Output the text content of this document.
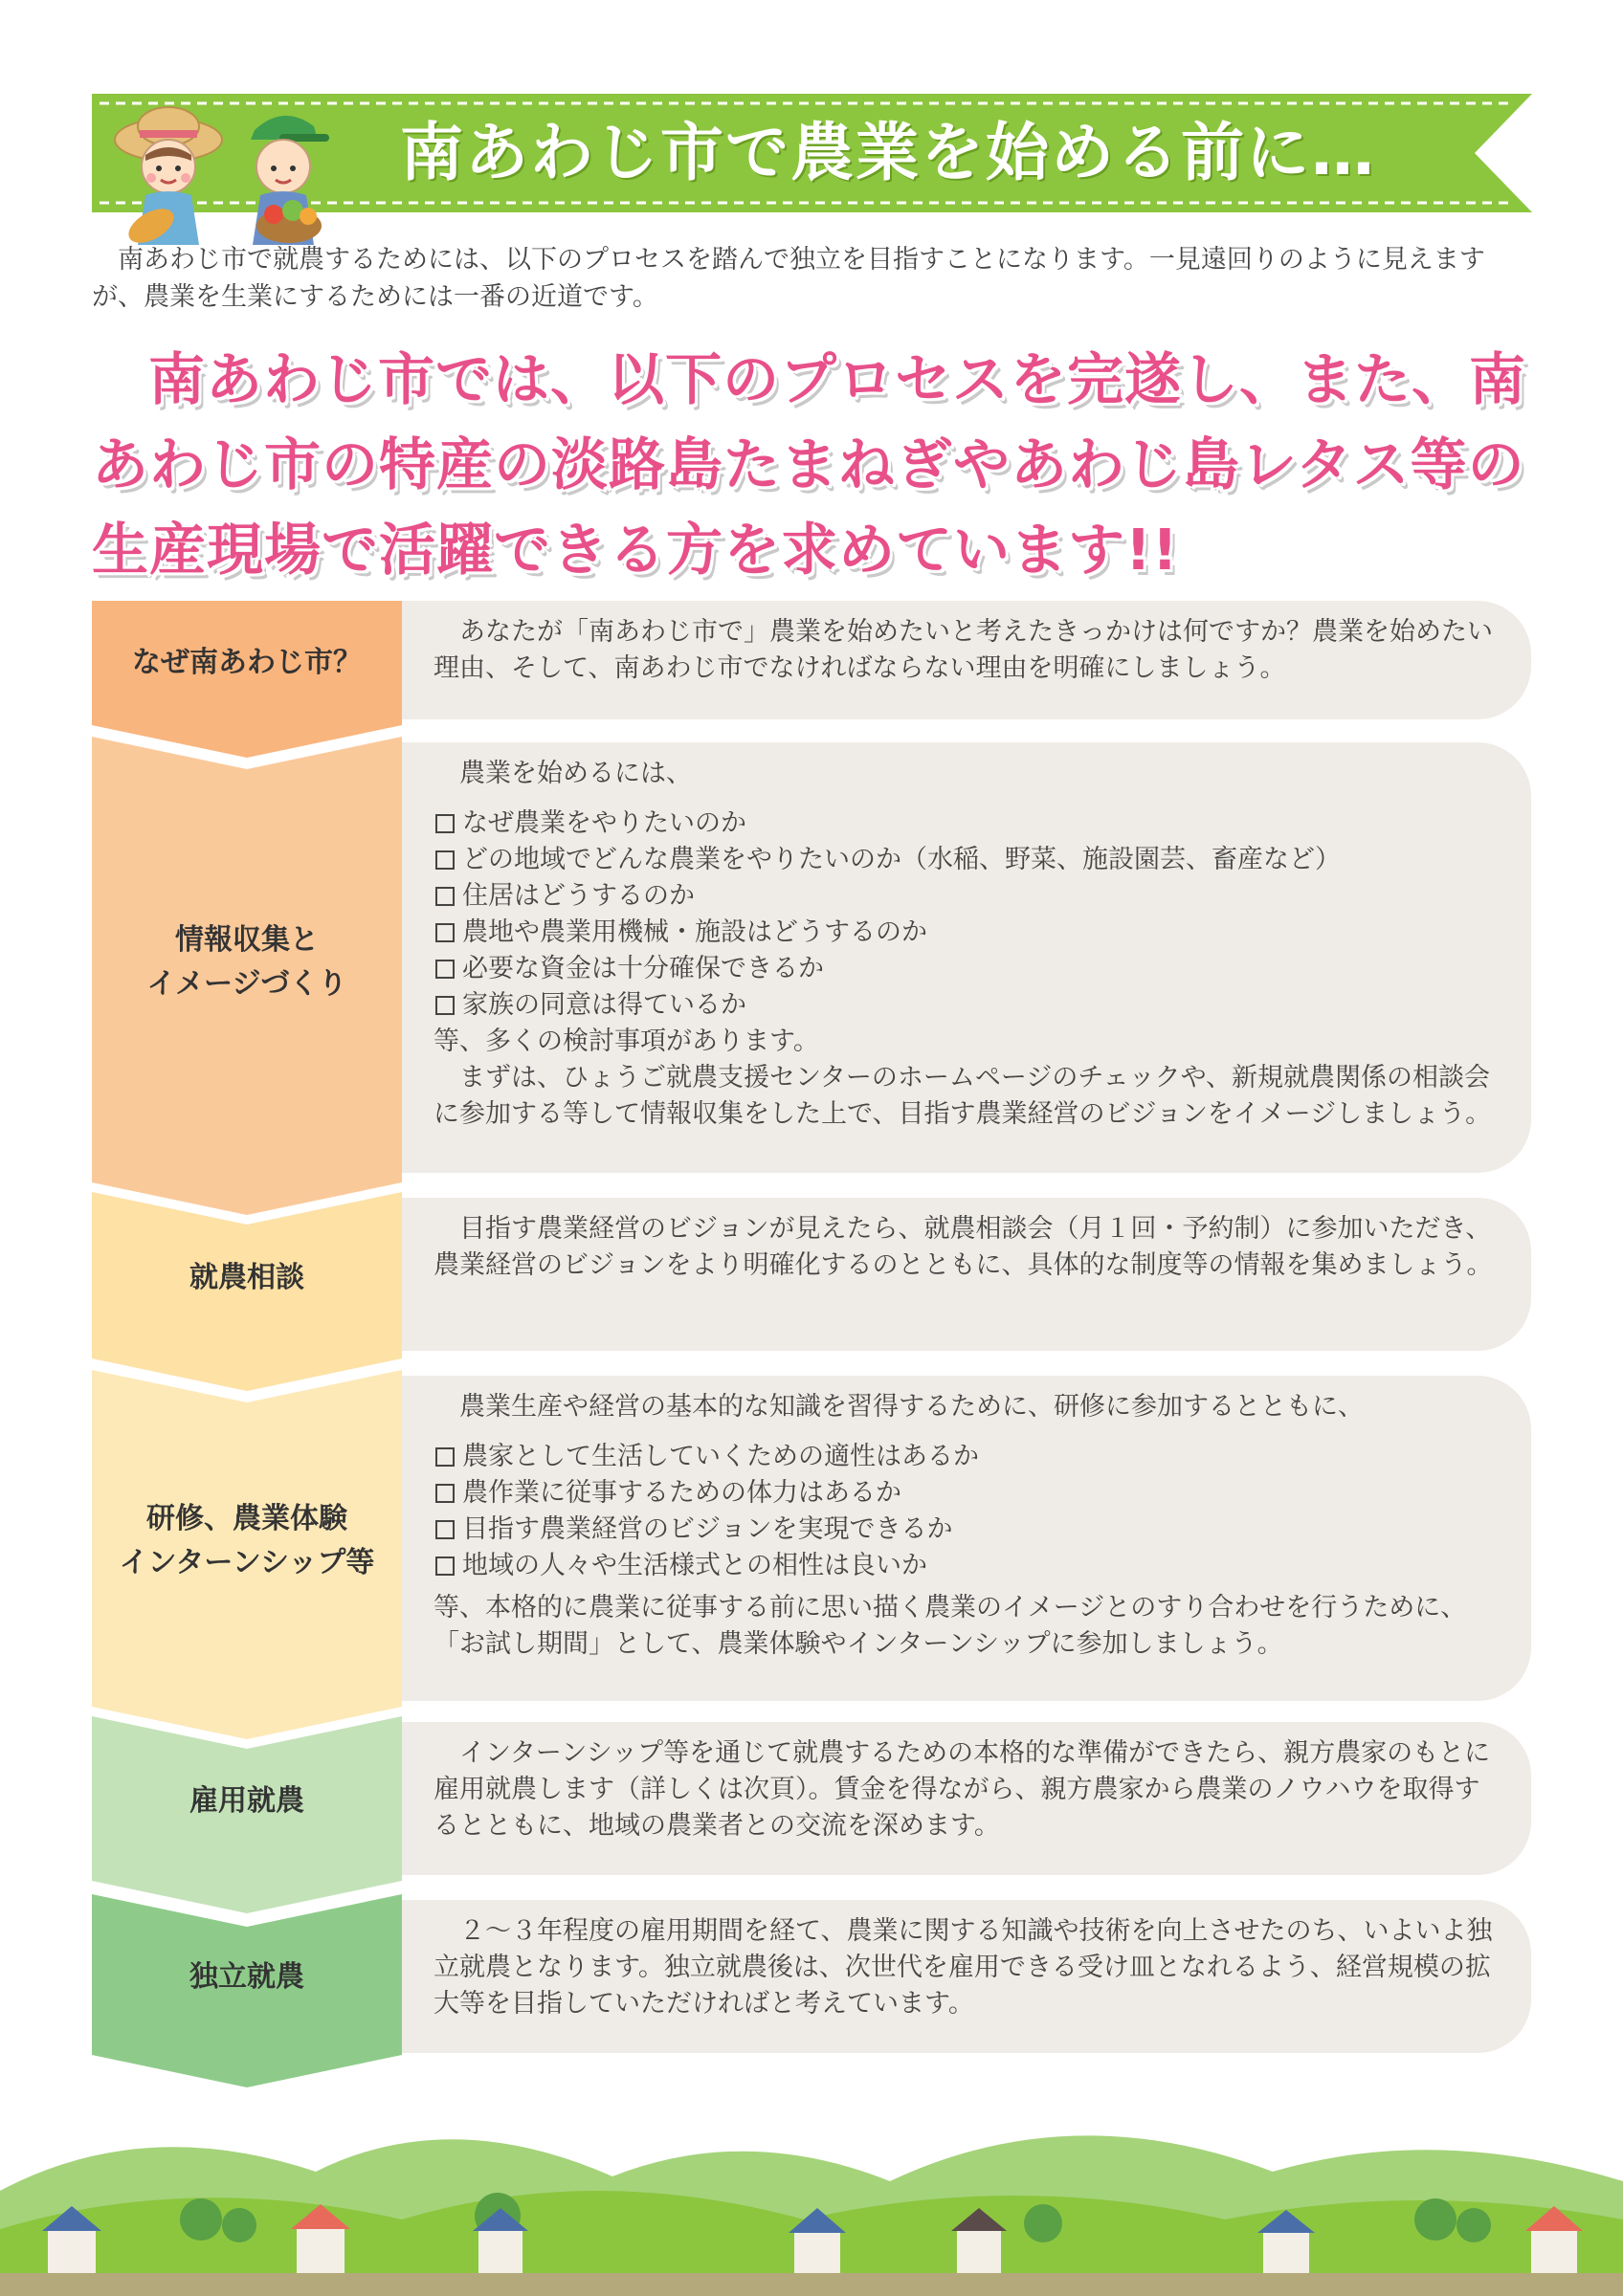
南あわじ市で農業を始める前に…
南あわじ市で就農するためには、以下のプロセスを踏んで独立を目指すことになります。一見遠回りのように見えますが、農業を生業にするためには一番の近道です。
南あわじ市では、以下のプロセスを完遂し、また、南あわじ市の特産の淡路島たまねぎやあわじ島レタス等の生産現場で活躍できる方を求めています!!
なぜ南あわじ市？

あなたが「南あわじ市で」農業を始めたいと考えたきっかけは何ですか？農業を始めたい理由、そして、南あわじ市でなければならない理由を明確にしましょう。

情報収集と
イメージづくり

農業を始めるには、

なぜ農業をやりたいのか
どの地域でどんな農業をやりたいのか（水稲、野菜、施設園芸、畜産など）
住居はどうするのか
農地や農業用機械・施設はどうするのか
必要な資金は十分確保できるか
家族の同意は得ているか

等、多くの検討事項があります。

まずは、ひょうご就農支援センターのホームページのチェックや、新規就農関係の相談会に参加する等して情報収集をした上で、目指す農業経営のビジョンをイメージしましょう。

就農相談

目指す農業経営のビジョンが見えたら、就農相談会（月１回・予約制）に参加いただき、農業経営のビジョンをより明確化するのとともに、具体的な制度等の情報を集めましょう。

研修、農業体験
インターンシップ等

農業生産や経営の基本的な知識を習得するために、研修に参加するとともに、

農家として生活していくための適性はあるか
農作業に従事するための体力はあるか
目指す農業経営のビジョンを実現できるか
地域の人々や生活様式との相性は良いか

等、本格的に農業に従事する前に思い描く農業のイメージとのすり合わせを行うために、「お試し期間」として、農業体験やインターンシップに参加しましょう。

雇用就農

インターンシップ等を通じて就農するための本格的な準備ができたら、親方農家のもとに雇用就農します（詳しくは次頁）。賃金を得ながら、親方農家から農業のノウハウを取得するとともに、地域の農業者との交流を深めます。

独立就農

２～３年程度の雇用期間を経て、農業に関する知識や技術を向上させたのち、いよいよ独立就農となります。独立就農後は、次世代を雇用できる受け皿となれるよう、経営規模の拡大等を目指していただければと考えています。
